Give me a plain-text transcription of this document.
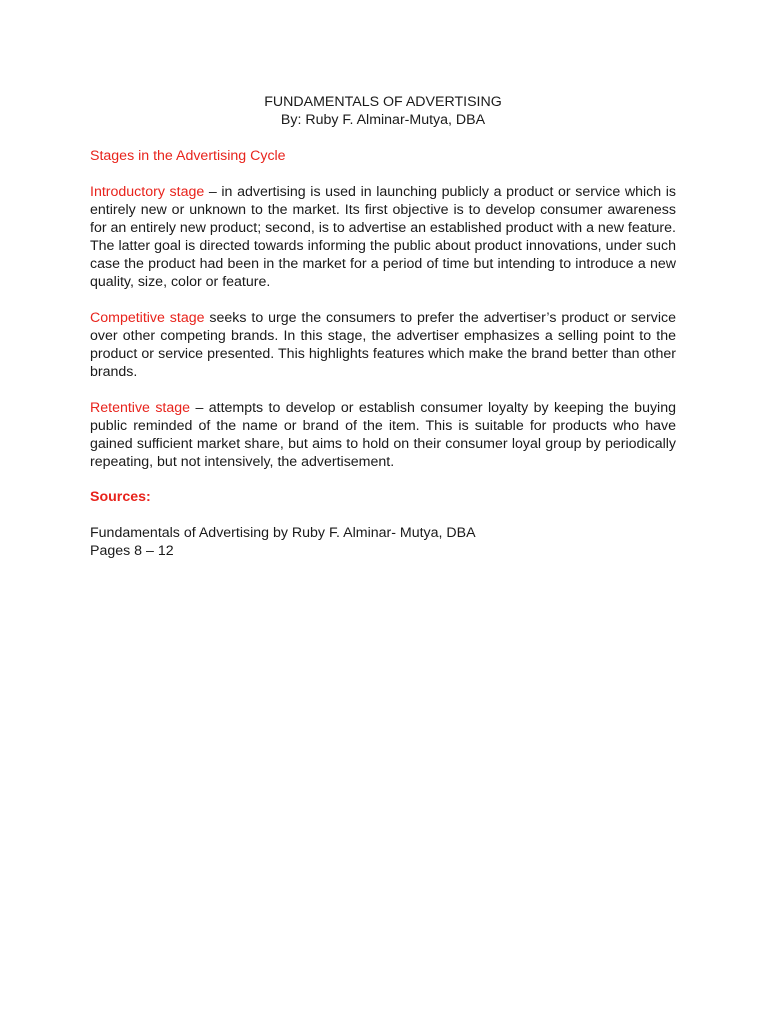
FUNDAMENTALS OF ADVERTISING
By: Ruby F. Alminar-Mutya, DBA
Stages in the Advertising Cycle

Introductory stage – in advertising is used in launching publicly a product or service which is entirely new or unknown to the market. Its first objective is to develop consumer awareness for an entirely new product; second, is to advertise an established product with a new feature. The latter goal is directed towards informing the public about product innovations, under such case the product had been in the market for a period of time but intending to introduce a new quality, size, color or feature.

Competitive stage seeks to urge the consumers to prefer the advertiser’s product or service over other competing brands. In this stage, the advertiser emphasizes a selling point to the product or service presented. This highlights features which make the brand better than other brands.

Retentive stage – attempts to develop or establish consumer loyalty by keeping the buying public reminded of the name or brand of the item. This is suitable for products who have gained sufficient market share, but aims to hold on their consumer loyal group by periodically repeating, but not intensively, the advertisement.

Sources:
Fundamentals of Advertising by Ruby F. Alminar- Mutya, DBA
Pages 8 – 12
